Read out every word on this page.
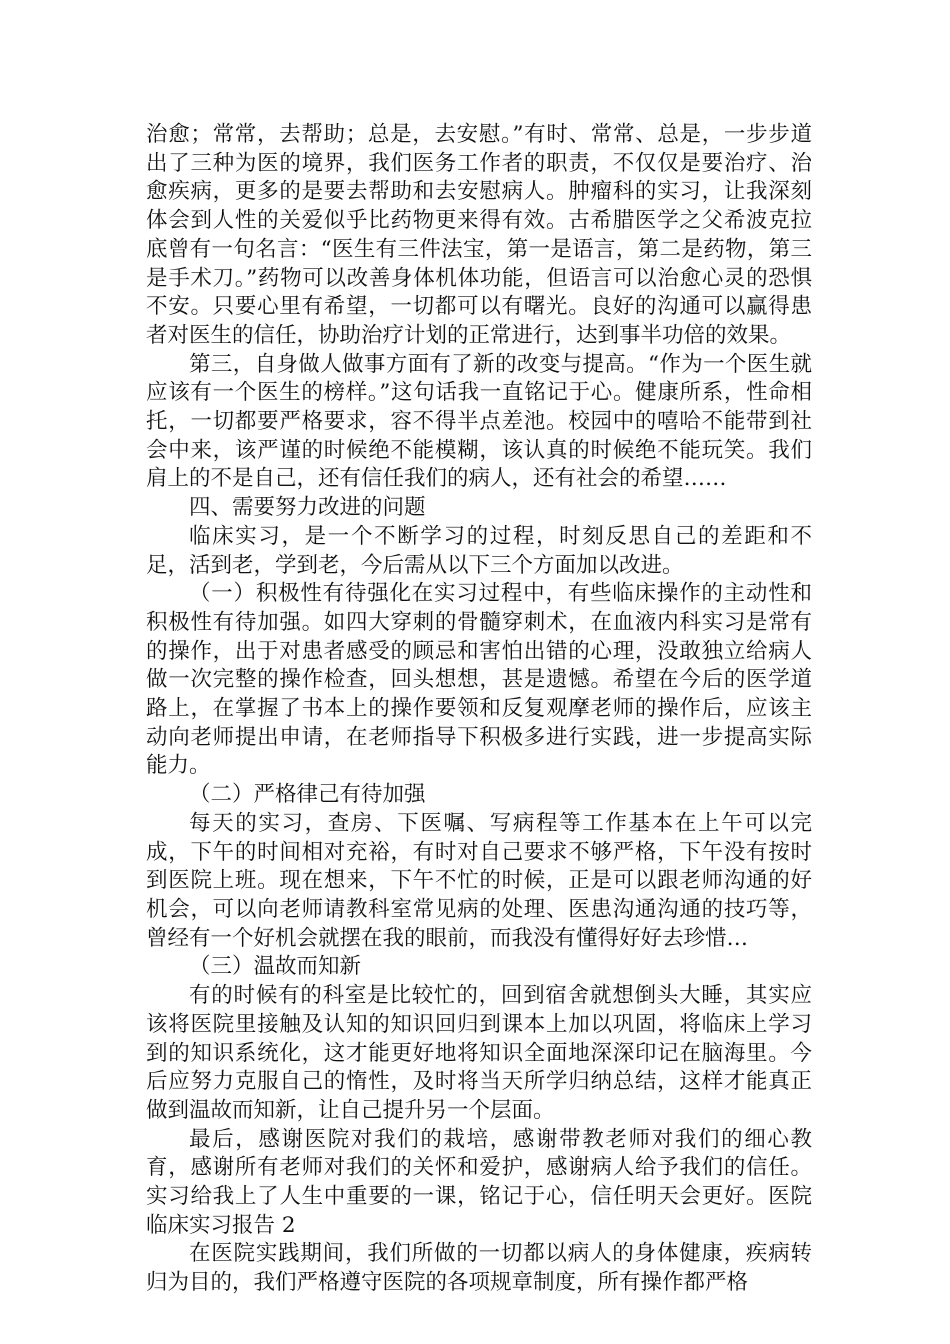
治愈；常常，去帮助；总是，去安慰。”有时、常常、总是，一步步道出了三种为医的境界，我们医务工作者的职责，不仅仅是要治疗、治愈疾病，更多的是要去帮助和去安慰病人。肿瘤科的实习，让我深刻体会到人性的关爱似乎比药物更来得有效。古希腊医学之父希波克拉底曾有一句名言：“医生有三件法宝，第一是语言，第二是药物，第三是手术刀。”药物可以改善身体机体功能，但语言可以治愈心灵的恐惧不安。只要心里有希望，一切都可以有曙光。良好的沟通可以赢得患者对医生的信任，协助治疗计划的正常进行，达到事半功倍的效果。

第三，自身做人做事方面有了新的改变与提高。“作为一个医生就应该有一个医生的榜样。”这句话我一直铭记于心。健康所系，性命相托，一切都要严格要求，容不得半点差池。校园中的嘻哈不能带到社会中来，该严谨的时候绝不能模糊，该认真的时候绝不能玩笑。我们肩上的不是自己，还有信任我们的病人，还有社会的希望……

四、需要努力改进的问题

临床实习，是一个不断学习的过程，时刻反思自己的差距和不足，活到老，学到老，今后需从以下三个方面加以改进。

（一）积极性有待强化在实习过程中，有些临床操作的主动性和积极性有待加强。如四大穿刺的骨髓穿刺术，在血液内科实习是常有的操作，出于对患者感受的顾忌和害怕出错的心理，没敢独立给病人做一次完整的操作检查，回头想想，甚是遗憾。希望在今后的医学道路上，在掌握了书本上的操作要领和反复观摩老师的操作后，应该主动向老师提出申请，在老师指导下积极多进行实践，进一步提高实际能力。

（二）严格律己有待加强

每天的实习，查房、下医嘱、写病程等工作基本在上午可以完成，下午的时间相对充裕，有时对自己要求不够严格，下午没有按时到医院上班。现在想来，下午不忙的时候，正是可以跟老师沟通的好机会，可以向老师请教科室常见病的处理、医患沟通沟通的技巧等，曾经有一个好机会就摆在我的眼前，而我没有懂得好好去珍惜…

（三）温故而知新

有的时候有的科室是比较忙的，回到宿舍就想倒头大睡，其实应该将医院里接触及认知的知识回归到课本上加以巩固，将临床上学习到的知识系统化，这才能更好地将知识全面地深深印记在脑海里。今后应努力克服自己的惰性，及时将当天所学归纳总结，这样才能真正做到温故而知新，让自己提升另一个层面。

最后，感谢医院对我们的栽培，感谢带教老师对我们的细心教育，感谢所有老师对我们的关怀和爱护，感谢病人给予我们的信任。实习给我上了人生中重要的一课，铭记于心，信任明天会更好。医院临床实习报告 2

在医院实践期间，我们所做的一切都以病人的身体健康，疾病转归为目的，我们严格遵守医院的各项规章制度，所有操作都严格
